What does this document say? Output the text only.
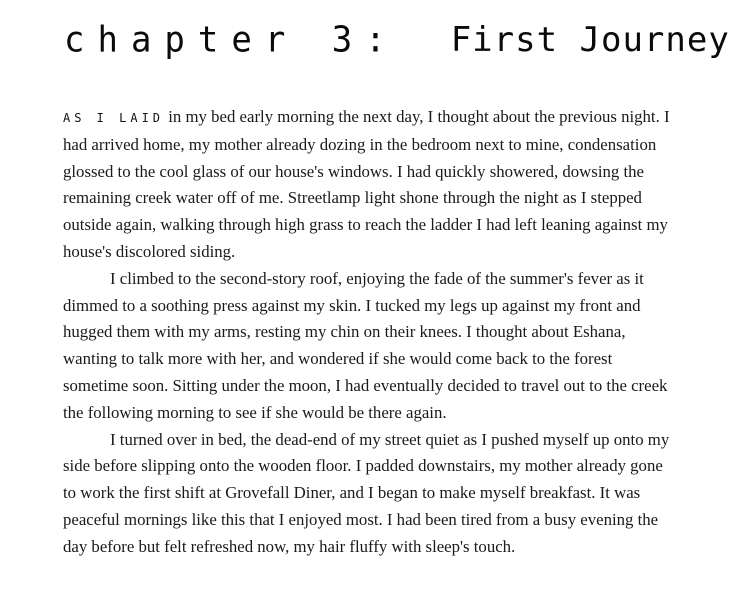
chapter 3: First Journey

AS I LAID in my bed early morning the next day, I thought about the previous night. I had arrived home, my mother already dozing in the bedroom next to mine, condensation glossed to the cool glass of our house's windows. I had quickly showered, dowsing the remaining creek water off of me. Streetlamp light shone through the night as I stepped outside again, walking through high grass to reach the ladder I had left leaning against my house's discolored siding.

I climbed to the second-story roof, enjoying the fade of the summer's fever as it dimmed to a soothing press against my skin. I tucked my legs up against my front and hugged them with my arms, resting my chin on their knees. I thought about Eshana, wanting to talk more with her, and wondered if she would come back to the forest sometime soon. Sitting under the moon, I had eventually decided to travel out to the creek the following morning to see if she would be there again.

I turned over in bed, the dead-end of my street quiet as I pushed myself up onto my side before slipping onto the wooden floor. I padded downstairs, my mother already gone to work the first shift at Grovefall Diner, and I began to make myself breakfast. It was peaceful mornings like this that I enjoyed most. I had been tired from a busy evening the day before but felt refreshed now, my hair fluffy with sleep's touch.
